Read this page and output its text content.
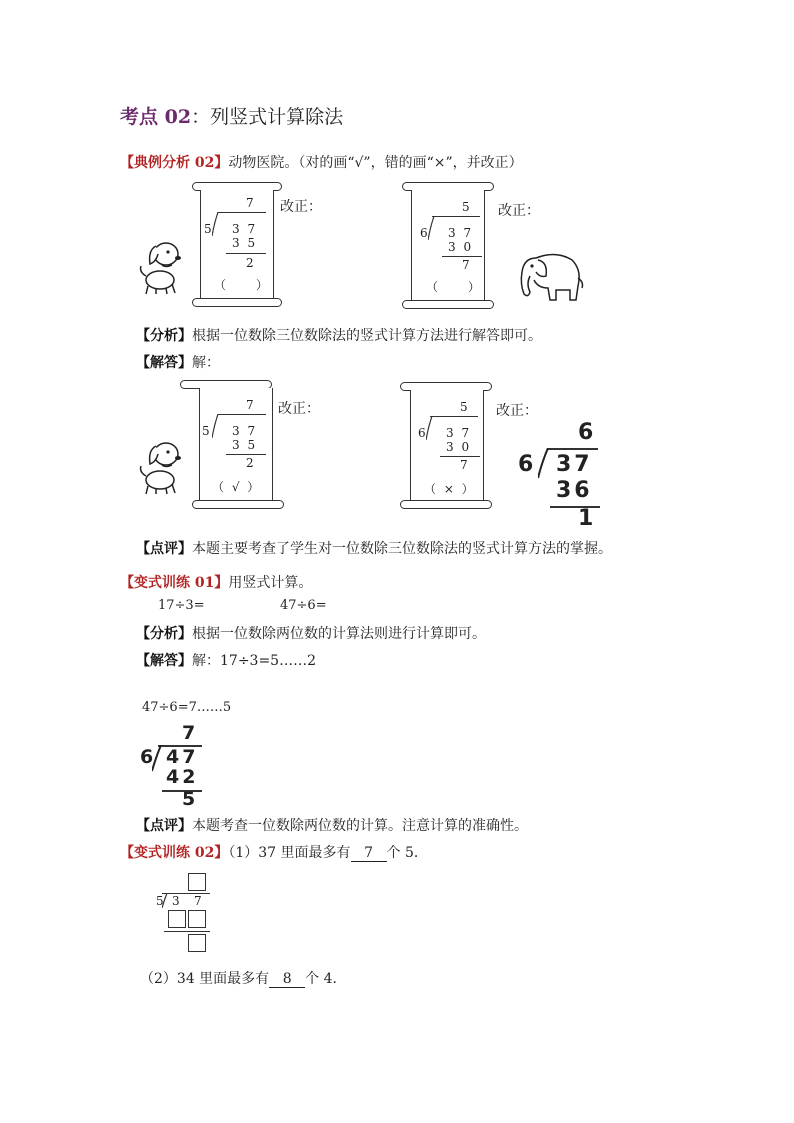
考点 02：列竖式计算除法
【典例分析 02】动物医院。（对的画“√”，错的画“×”，并改正）
7
5 3 7
3 5
2
（　　）
改正：	5
6 3 7
3 0
7
（　　）
改正：
【分析】根据一位数除三位数除法的竖式计算方法进行解答即可。
【解答】解：
7
5 3 7
3 5
2
（ √ ）
改正：	5
6 3 7
3 0
7
（ × ）
改正：
6
6 37
36
1
【点评】本题主要考查了学生对一位数除三位数除法的竖式计算方法的掌握。
【变式训练 01】用竖式计算。
17÷3=	47÷6=
【分析】根据一位数除两位数的计算法则进行计算即可。
【解答】解：17÷3=5……2
47÷6=7……5
7
6 47
42
5
【点评】本题考查一位数除两位数的计算。注意计算的准确性。
【变式训练 02】（1）37 里面最多有 7 个 5．
5 3 7
（2）34 里面最多有 8 个 4．
